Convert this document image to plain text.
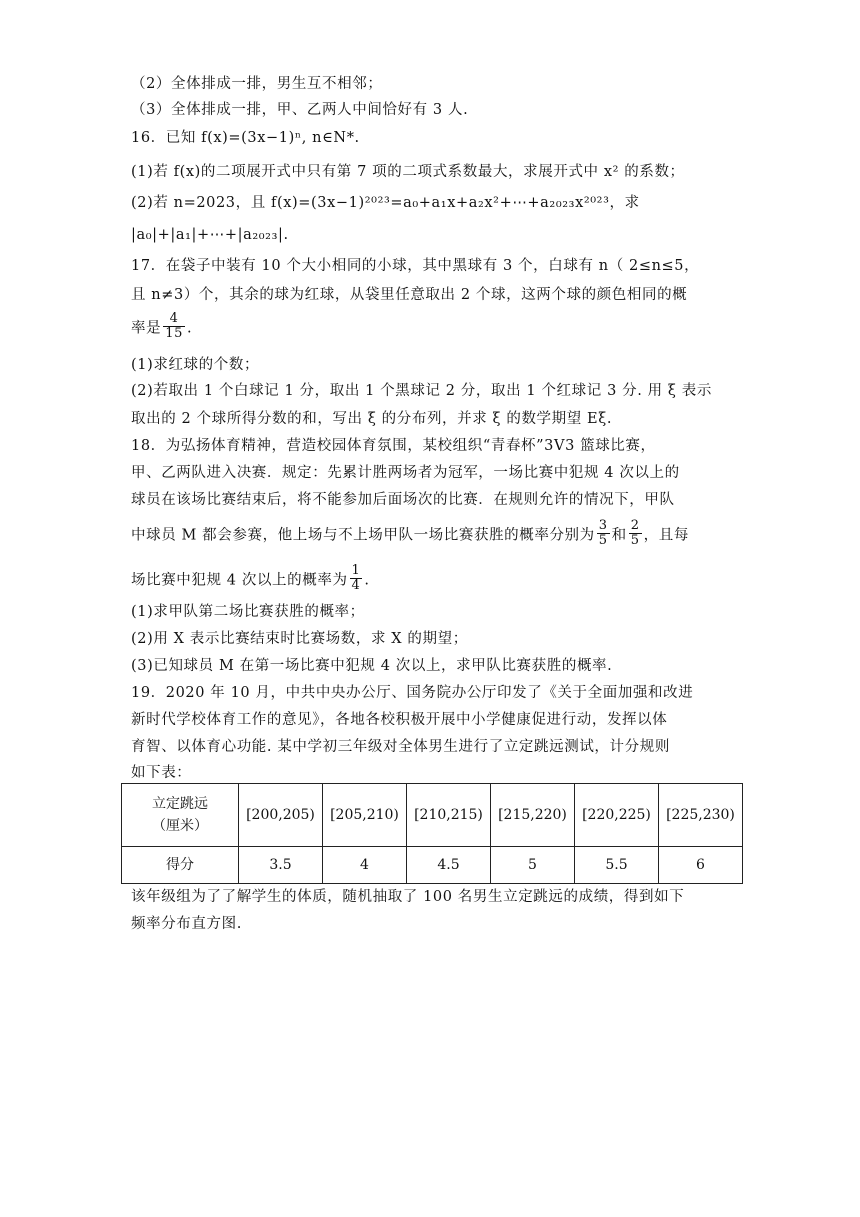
（2）全体排成一排，男生互不相邻；
（3）全体排成一排，甲、乙两人中间恰好有 3 人.
16．已知 f(x)=(3x−1)ⁿ, n∈N*.
(1)若 f(x)的二项展开式中只有第 7 项的二项式系数最大，求展开式中 x² 的系数；
(2)若 n=2023，且 f(x)=(3x−1)²⁰²³=a₀+a₁x+a₂x²+⋯+a₂₀₂₃x²⁰²³，求
|a₀|+|a₁|+⋯+|a₂₀₂₃|.
17．在袋子中装有 10 个大小相同的小球，其中黑球有 3 个，白球有 n（ 2≤n≤5，
且 n≠3）个，其余的球为红球，从袋里任意取出 2 个球，这两个球的颜色相同的概
率是 $\frac{4}{15}$ .
(1)求红球的个数；
(2)若取出 1 个白球记 1 分，取出 1 个黑球记 2 分，取出 1 个红球记 3 分. 用 ξ 表示
取出的 2 个球所得分数的和，写出 ξ 的分布列，并求 ξ 的数学期望 Eξ.
18．为弘扬体育精神，营造校园体育氛围，某校组织“青春杯”3V3 篮球比赛，
甲、乙两队进入决赛．规定：先累计胜两场者为冠军，一场比赛中犯规 4 次以上的
球员在该场比赛结束后，将不能参加后面场次的比赛．在规则允许的情况下，甲队
中球员 M 都会参赛，他上场与不上场甲队一场比赛获胜的概率分别为 $\frac{3}{5}$ 和 $\frac{2}{5}$ ，且每
场比赛中犯规 4 次以上的概率为 $\frac{1}{4}$ .
(1)求甲队第二场比赛获胜的概率；
(2)用 X 表示比赛结束时比赛场数，求 X 的期望；
(3)已知球员 M 在第一场比赛中犯规 4 次以上，求甲队比赛获胜的概率.
19．2020 年 10 月，中共中央办公厅、国务院办公厅印发了《关于全面加强和改进
新时代学校体育工作的意见》，各地各校积极开展中小学健康促进行动，发挥以体
育智、以体育心功能. 某中学初三年级对全体男生进行了立定跳远测试，计分规则
如下表：
立定跳远
（厘米）	[200,205)	[205,210)	[210,215)	[215,220)	[220,225)	[225,230)
得分	3.5	4	4.5	5	5.5	6
该年级组为了了解学生的体质，随机抽取了 100 名男生立定跳远的成绩，得到如下
频率分布直方图.
